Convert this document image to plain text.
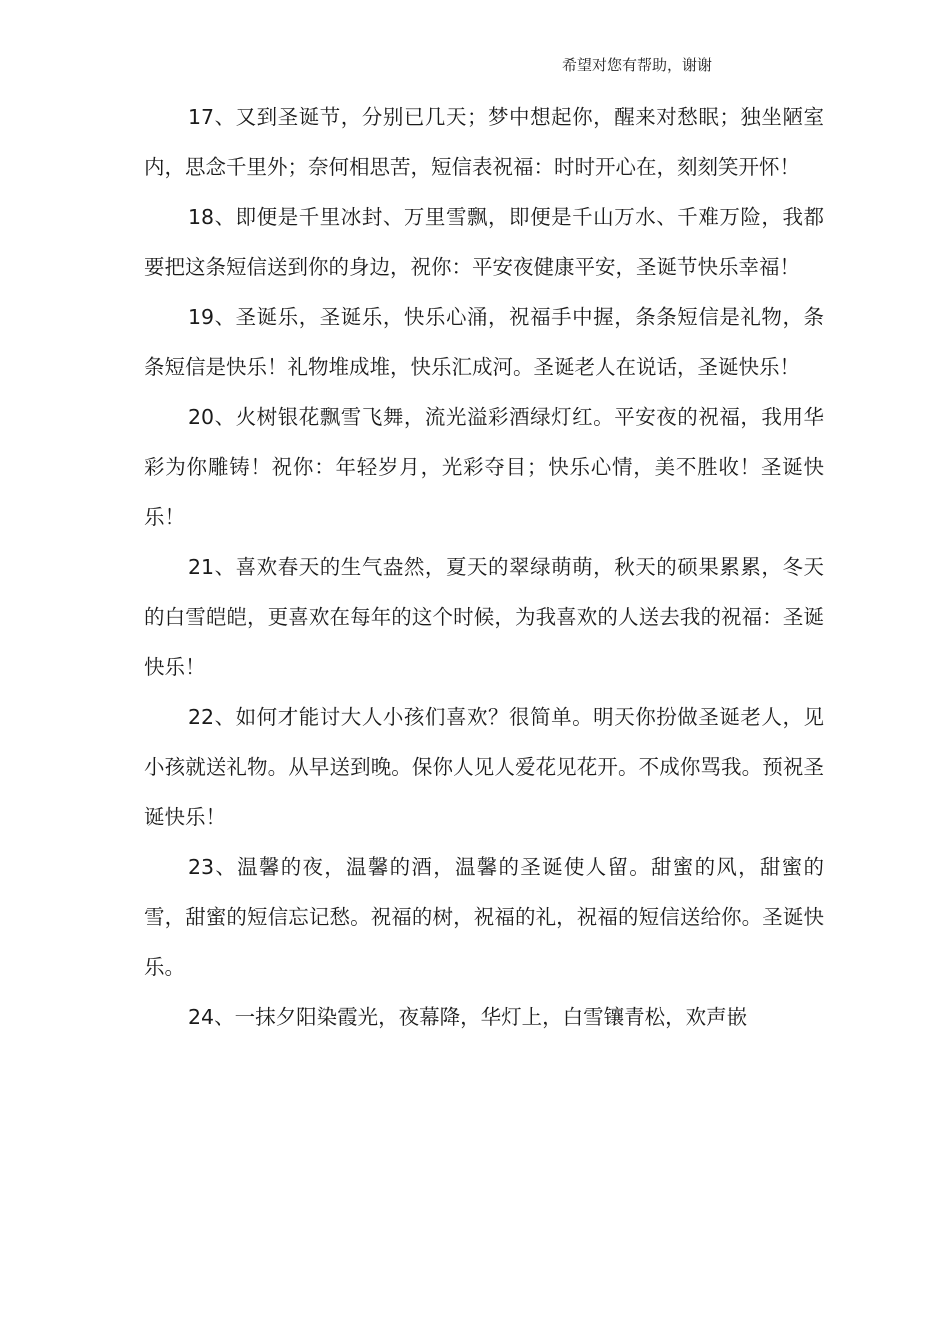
希望对您有帮助，谢谢

17、又到圣诞节，分别已几天；梦中想起你，醒来对愁眠；独坐陋室内，思念千里外；奈何相思苦，短信表祝福：时时开心在，刻刻笑开怀！

18、即便是千里冰封、万里雪飘，即便是千山万水、千难万险，我都要把这条短信送到你的身边，祝你：平安夜健康平安，圣诞节快乐幸福！

19、圣诞乐，圣诞乐，快乐心涌，祝福手中握，条条短信是礼物，条条短信是快乐！礼物堆成堆，快乐汇成河。圣诞老人在说话，圣诞快乐！

20、火树银花飘雪飞舞，流光溢彩酒绿灯红。平安夜的祝福，我用华彩为你雕铸！祝你：年轻岁月，光彩夺目；快乐心情，美不胜收！圣诞快乐！

21、喜欢春天的生气盎然，夏天的翠绿萌萌，秋天的硕果累累，冬天的白雪皑皑，更喜欢在每年的这个时候，为我喜欢的人送去我的祝福：圣诞快乐！

22、如何才能讨大人小孩们喜欢？很简单。明天你扮做圣诞老人，见小孩就送礼物。从早送到晚。保你人见人爱花见花开。不成你骂我。预祝圣诞快乐！

23、温馨的夜，温馨的酒，温馨的圣诞使人留。甜蜜的风，甜蜜的雪，甜蜜的短信忘记愁。祝福的树，祝福的礼，祝福的短信送给你。圣诞快乐。

24、一抹夕阳染霞光，夜幕降，华灯上，白雪镶青松，欢声嵌
